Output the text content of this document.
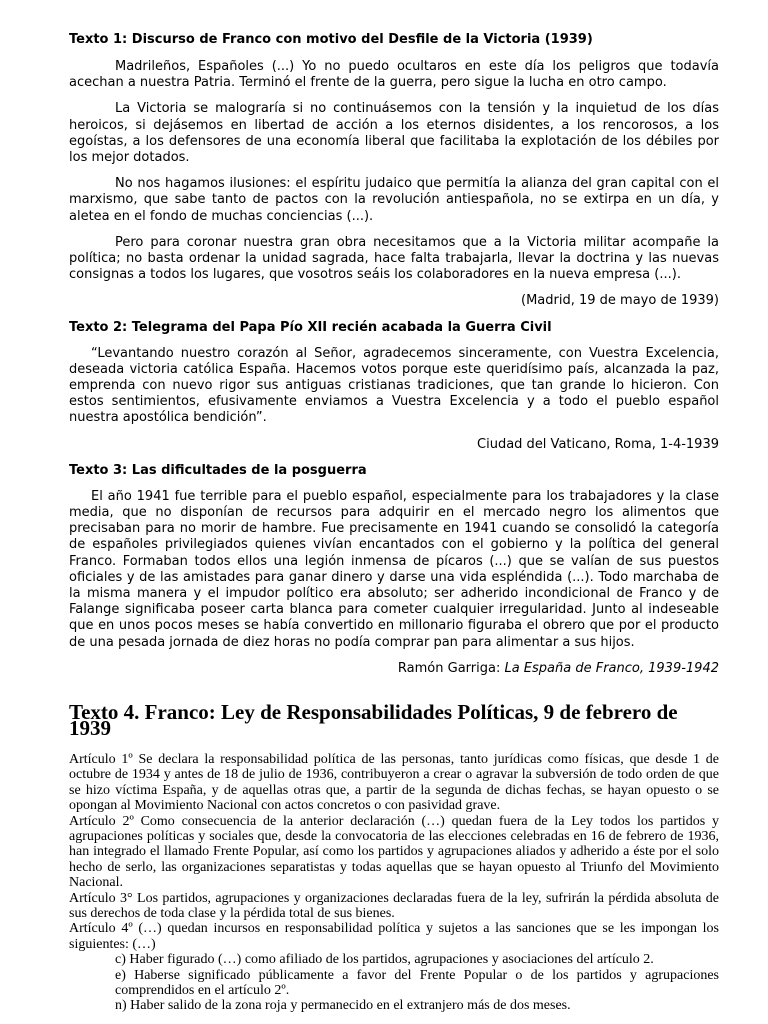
Texto 1: Discurso de Franco con motivo del Desfile de la Victoria (1939)

Madrileños, Españoles (...) Yo no puedo ocultaros en este día los peligros que todavía acechan a nuestra Patria. Terminó el frente de la guerra, pero sigue la lucha en otro campo.

La Victoria se malograría si no continuásemos con la tensión y la inquietud de los días heroicos, si dejásemos en libertad de acción a los eternos disidentes, a los rencorosos, a los egoístas, a los defensores de una economía liberal que facilitaba la explotación de los débiles por los mejor dotados.

No nos hagamos ilusiones: el espíritu judaico que permitía la alianza del gran capital con el marxismo, que sabe tanto de pactos con la revolución antiespañola, no se extirpa en un día, y aletea en el fondo de muchas conciencias (...).

Pero para coronar nuestra gran obra necesitamos que a la Victoria militar acompañe la política; no basta ordenar la unidad sagrada, hace falta trabajarla, llevar la doctrina y las nuevas consignas a todos los lugares, que vosotros seáis los colaboradores en la nueva empresa (...).

(Madrid, 19 de mayo de 1939)

Texto 2: Telegrama del Papa Pío XII recién acabada la Guerra Civil

“Levantando nuestro corazón al Señor, agradecemos sinceramente, con Vuestra Excelencia, deseada victoria católica España. Hacemos votos porque este queridísimo país, alcanzada la paz, emprenda con nuevo rigor sus antiguas cristianas tradiciones, que tan grande lo hicieron. Con estos sentimientos, efusivamente enviamos a Vuestra Excelencia y a todo el pueblo español nuestra apostólica bendición”.

Ciudad del Vaticano, Roma, 1-4-1939

Texto 3: Las dificultades de la posguerra

El año 1941 fue terrible para el pueblo español, especialmente para los trabajadores y la clase media, que no disponían de recursos para adquirir en el mercado negro los alimentos que precisaban para no morir de hambre. Fue precisamente en 1941 cuando se consolidó la categoría de españoles privilegiados quienes vivían encantados con el gobierno y la política del general Franco. Formaban todos ellos una legión inmensa de pícaros (...) que se valían de sus puestos oficiales y de las amistades para ganar dinero y darse una vida espléndida (...). Todo marchaba de la misma manera y el impudor político era absoluto; ser adherido incondicional de Franco y de Falange significaba poseer carta blanca para cometer cualquier irregularidad. Junto al indeseable que en unos pocos meses se había convertido en millonario figuraba el obrero que por el producto de una pesada jornada de diez horas no podía comprar pan para alimentar a sus hijos.

Ramón Garriga: La España de Franco, 1939-1942

Texto 4. Franco: Ley de Responsabilidades Políticas, 9 de febrero de 1939

Artículo 1º Se declara la responsabilidad política de las personas, tanto jurídicas como físicas, que desde 1 de octubre de 1934 y antes de 18 de julio de 1936, contribuyeron a crear o agravar la subversión de todo orden de que se hizo víctima España, y de aquellas otras que, a partir de la segunda de dichas fechas, se hayan opuesto o se opongan al Movimiento Nacional con actos concretos o con pasividad grave.

Artículo 2º Como consecuencia de la anterior declaración (…) quedan fuera de la Ley todos los partidos y agrupaciones políticas y sociales que, desde la convocatoria de las elecciones celebradas en 16 de febrero de 1936, han integrado el llamado Frente Popular, así como los partidos y agrupaciones aliados y adherido a éste por el solo hecho de serlo, las organizaciones separatistas y todas aquellas que se hayan opuesto al Triunfo del Movimiento Nacional.

Artículo 3° Los partidos, agrupaciones y organizaciones declaradas fuera de la ley, sufrirán la pérdida absoluta de sus derechos de toda clase y la pérdida total de sus bienes.

Artículo 4º (…) quedan incursos en responsabilidad política y sujetos a las sanciones que se les impongan los siguientes: (…)

c) Haber figurado (…) como afiliado de los partidos, agrupaciones y asociaciones del artículo 2.

e) Haberse significado públicamente a favor del Frente Popular o de los partidos y agrupaciones comprendidos en el artículo 2º.

n) Haber salido de la zona roja y permanecido en el extranjero más de dos meses.
